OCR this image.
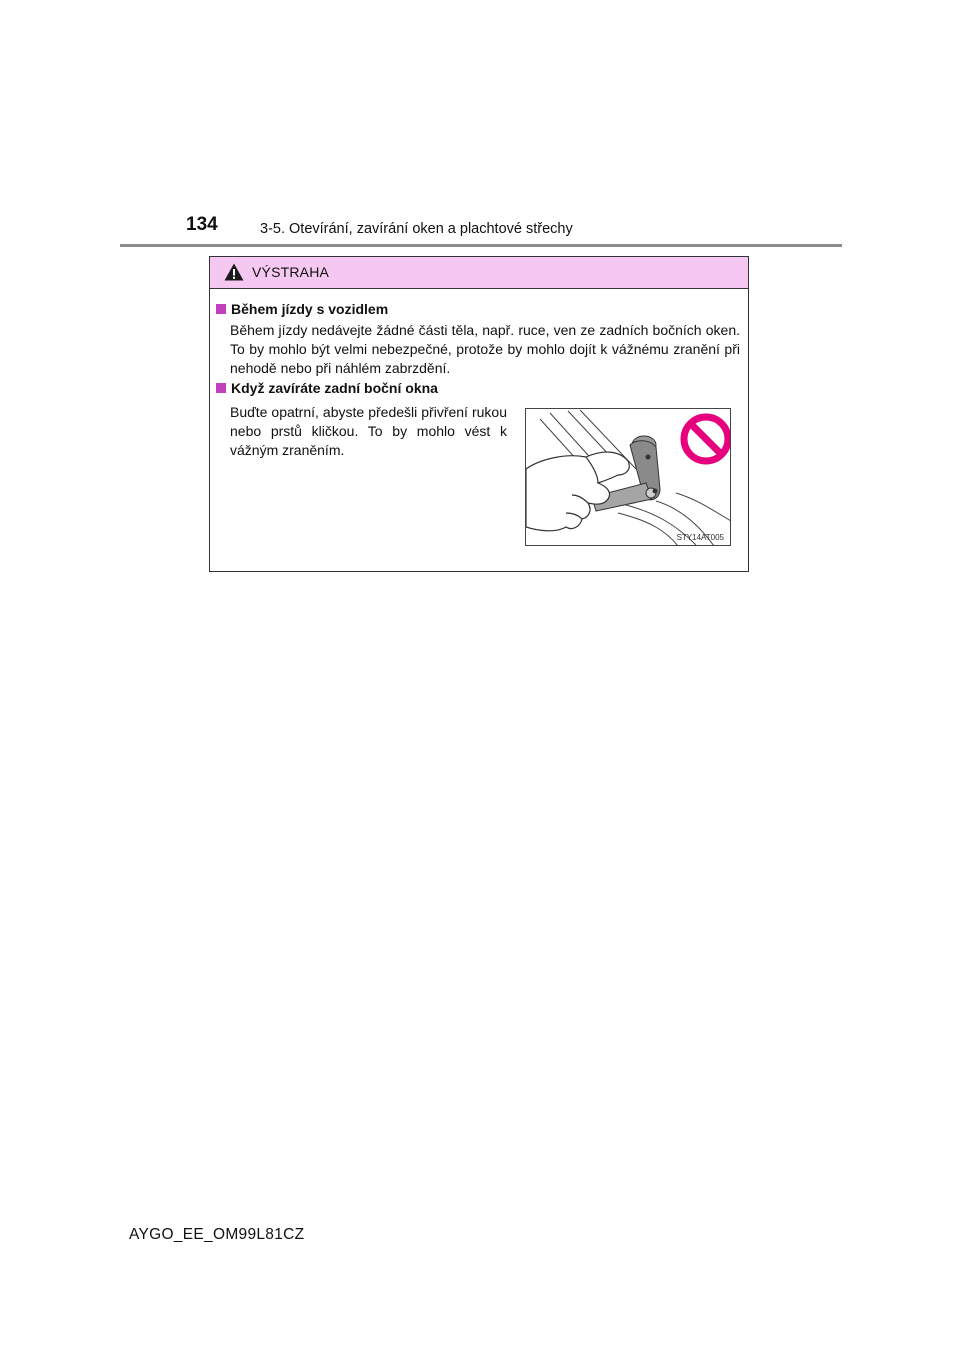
134	3-5. Otevírání, zavírání oken a plachtové střechy
VÝSTRAHA
Během jízdy s vozidlem
Během jízdy nedávejte žádné části těla, např. ruce, ven ze zadních bočních oken. To by mohlo být velmi nebezpečné, protože by mohlo dojít k vážnému zranění při nehodě nebo při náhlém zabrzdění.
Když zavíráte zadní boční okna
Buďte opatrní, abyste předešli přivření rukou nebo prstů kličkou. To by mohlo vést k vážným zraněním.
STY14AT005
AYGO_EE_OM99L81CZ
